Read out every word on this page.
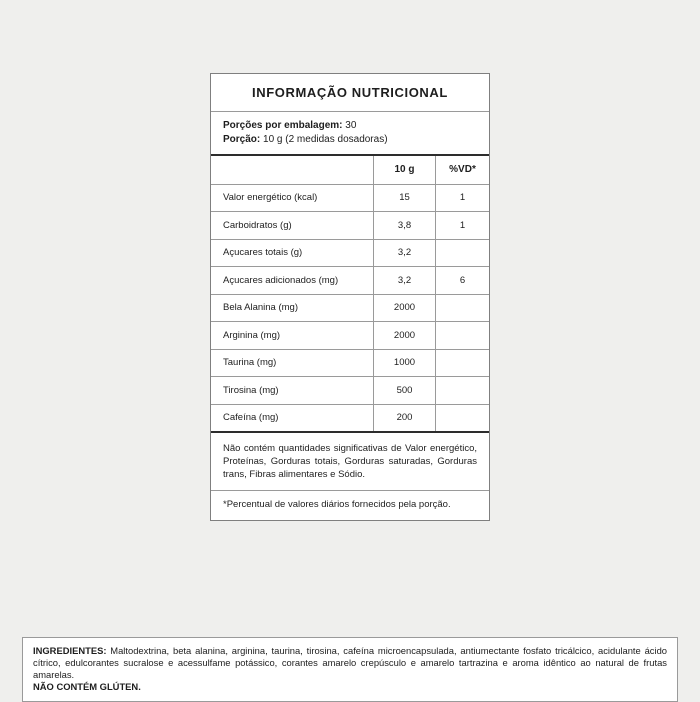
INFORMAÇÃO NUTRICIONAL
Porções por embalagem: 30
Porção: 10 g (2 medidas dosadoras)
10 g	%VD*
Valor energético (kcal)	15	1
Carboidratos (g)	3,8	1
Açucares totais (g)	3,2
Açucares adicionados (mg)	3,2	6
Bela Alanina (mg)	2000
Arginina (mg)	2000
Taurina (mg)	1000
Tirosina (mg)	500
Cafeína (mg)	200
Não contém quantidades significativas de Valor energético, Proteínas, Gorduras totais, Gorduras saturadas, Gorduras trans, Fibras alimentares e Sódio.
*Percentual de valores diários fornecidos pela porção.
INGREDIENTES: Maltodextrina, beta alanina, arginina, taurina, tirosina, cafeína microencapsulada, antiumectante fosfato tricálcico, acidulante ácido cítrico, edulcorantes sucralose e acessulfame potássico, corantes amarelo crepúsculo e amarelo tartrazina e aroma idêntico ao natural de frutas amarelas.
NÃO CONTÉM GLÚTEN.
